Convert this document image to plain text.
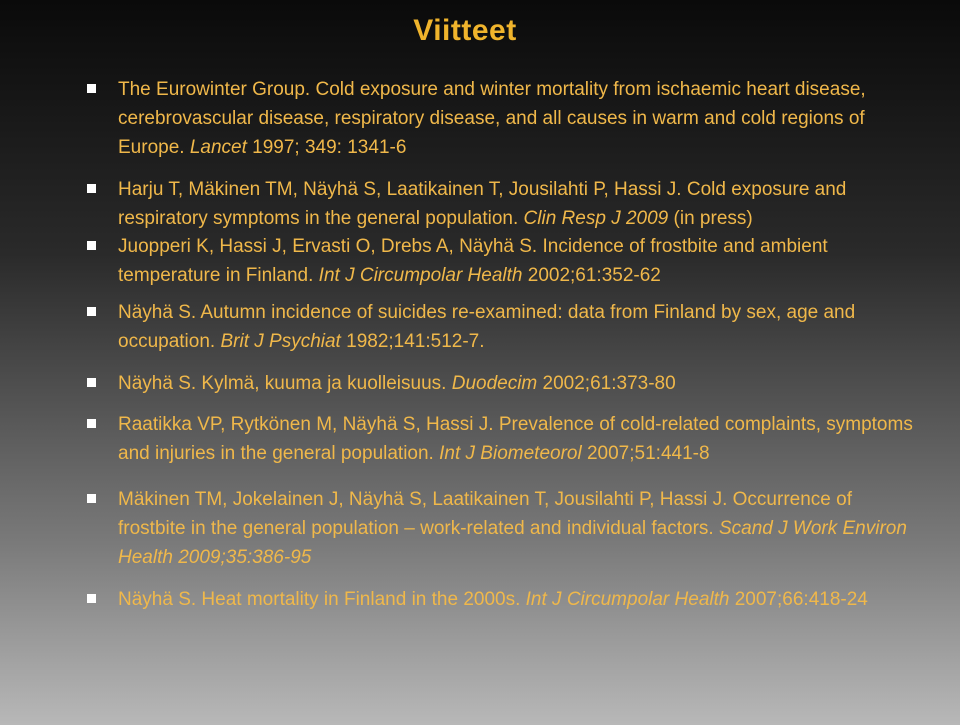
Viitteet
The Eurowinter Group. Cold exposure and winter mortality from ischaemic heart disease, cerebrovascular disease, respiratory disease, and all causes in warm and cold regions of Europe. Lancet 1997; 349: 1341-6
Harju T, Mäkinen TM, Näyhä S, Laatikainen T, Jousilahti P, Hassi J. Cold exposure and respiratory symptoms in the general population. Clin Resp J 2009 (in press)
Juopperi K, Hassi J, Ervasti O, Drebs A, Näyhä S. Incidence of frostbite and ambient temperature in Finland. Int J Circumpolar Health 2002;61:352-62
Näyhä S. Autumn incidence of suicides re-examined: data from Finland by sex, age and occupation. Brit J Psychiat 1982;141:512-7.
Näyhä S. Kylmä, kuuma ja kuolleisuus. Duodecim 2002;61:373-80
Raatikka VP, Rytkönen M, Näyhä S, Hassi J. Prevalence of cold-related complaints, symptoms and injuries in the general population. Int J Biometeorol 2007;51:441-8
Mäkinen TM, Jokelainen J, Näyhä S, Laatikainen T, Jousilahti P, Hassi J. Occurrence of frostbite in the general population – work-related and individual factors. Scand J Work Environ Health 2009;35:386-95
Näyhä S. Heat mortality in Finland in the 2000s. Int J Circumpolar Health 2007;66:418-24
